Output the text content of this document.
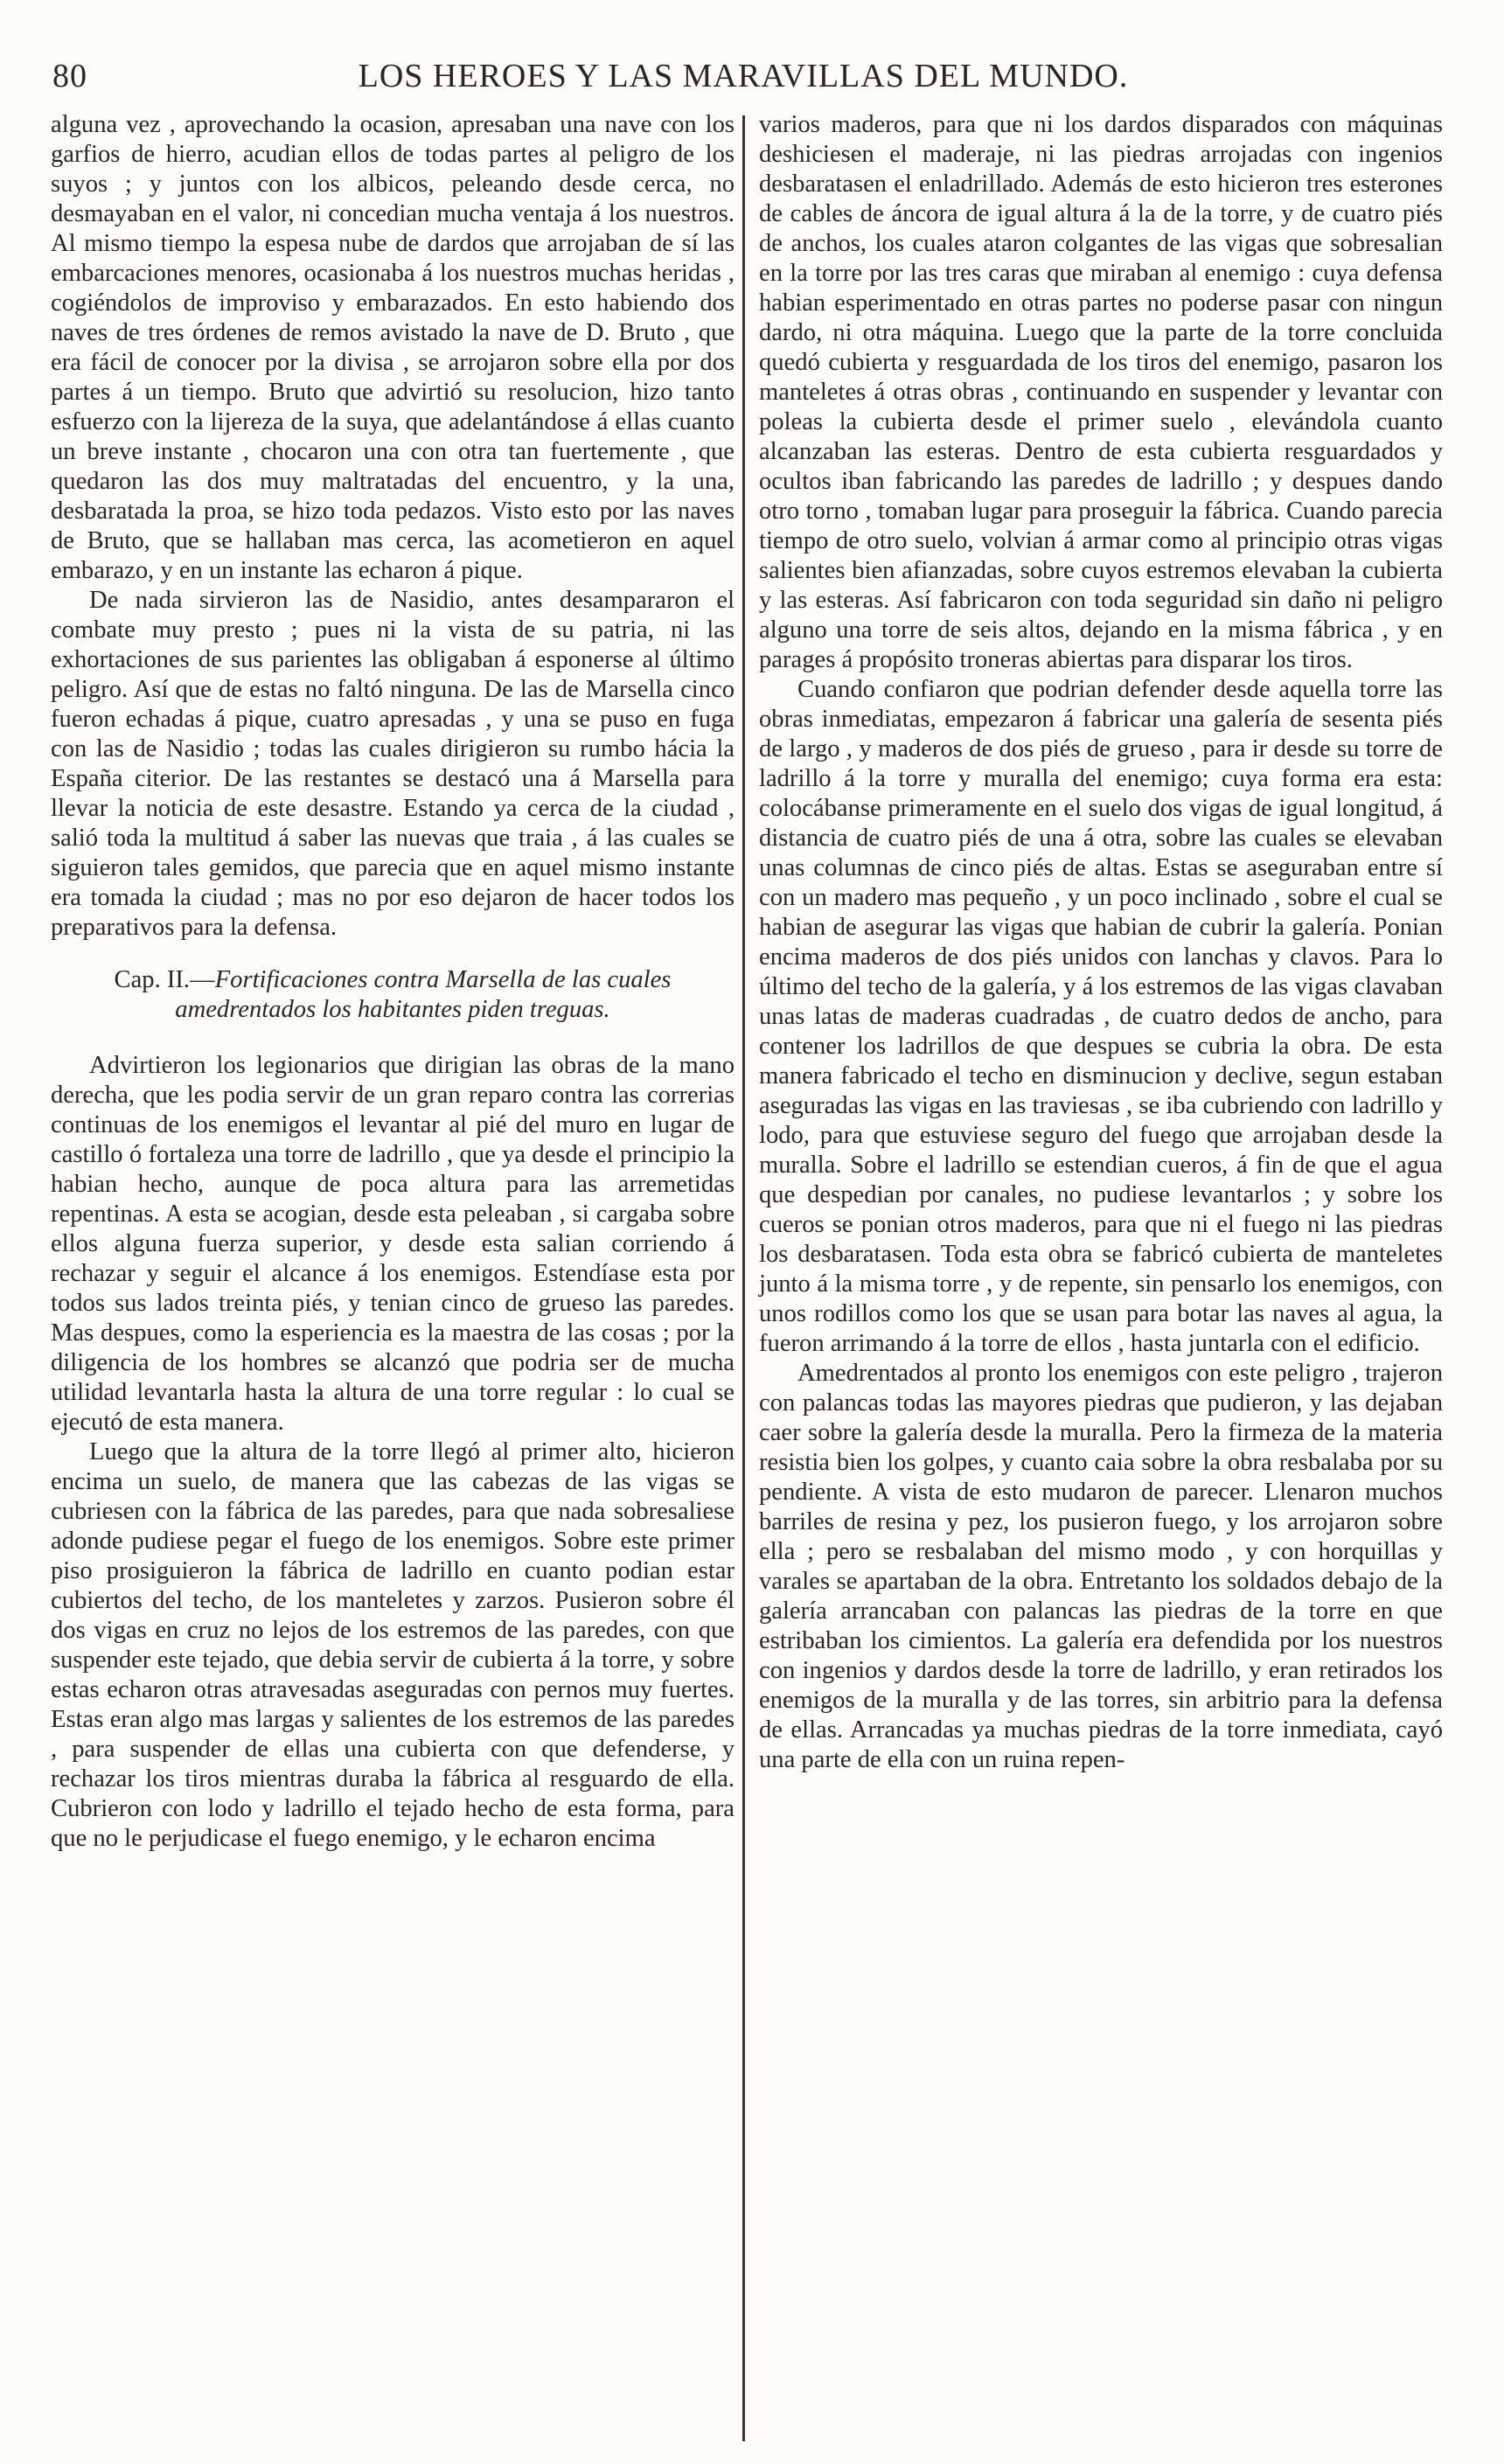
80	LOS HEROES Y LAS MARAVILLAS DEL MUNDO.

alguna vez , aprovechando la ocasion, apresaban una nave con los garfios de hierro, acudian ellos de todas partes al peligro de los suyos ; y juntos con los albicos, peleando desde cerca, no desmayaban en el valor, ni concedian mucha ventaja á los nuestros. Al mismo tiempo la espesa nube de dardos que arrojaban de sí las embarcaciones menores, ocasionaba á los nuestros muchas heridas , cogiéndolos de improviso y embarazados. En esto habiendo dos naves de tres órdenes de remos avistado la nave de D. Bruto , que era fácil de conocer por la divisa , se arrojaron sobre ella por dos partes á un tiempo. Bruto que advirtió su resolucion, hizo tanto esfuerzo con la lijereza de la suya, que adelantándose á ellas cuanto un breve instante , chocaron una con otra tan fuertemente , que quedaron las dos muy maltratadas del encuentro, y la una, desbaratada la proa, se hizo toda pedazos. Visto esto por las naves de Bruto, que se hallaban mas cerca, las acometieron en aquel embarazo, y en un instante las echaron á pique.

De nada sirvieron las de Nasidio, antes desampararon el combate muy presto ; pues ni la vista de su patria, ni las exhortaciones de sus parientes las obligaban á esponerse al último peligro. Así que de estas no faltó ninguna. De las de Marsella cinco fueron echadas á pique, cuatro apresadas , y una se puso en fuga con las de Nasidio ; todas las cuales dirigieron su rumbo hácia la España citerior. De las restantes se destacó una á Marsella para llevar la noticia de este desastre. Estando ya cerca de la ciudad , salió toda la multitud á saber las nuevas que traia , á las cuales se siguieron tales gemidos, que parecia que en aquel mismo instante era tomada la ciudad ; mas no por eso dejaron de hacer todos los preparativos para la defensa.

Cap. II.—Fortificaciones contra Marsella de las cuales amedrentados los habitantes piden treguas.

Advirtieron los legionarios que dirigian las obras de la mano derecha, que les podia servir de un gran reparo contra las correrias continuas de los enemigos el levantar al pié del muro en lugar de castillo ó fortaleza una torre de ladrillo , que ya desde el principio la habian hecho, aunque de poca altura para las arremetidas repentinas. A esta se acogian, desde esta peleaban , si cargaba sobre ellos alguna fuerza superior, y desde esta salian corriendo á rechazar y seguir el alcance á los enemigos. Estendíase esta por todos sus lados treinta piés, y tenian cinco de grueso las paredes. Mas despues, como la esperiencia es la maestra de las cosas ; por la diligencia de los hombres se alcanzó que podria ser de mucha utilidad levantarla hasta la altura de una torre regular : lo cual se ejecutó de esta manera.

Luego que la altura de la torre llegó al primer alto, hicieron encima un suelo, de manera que las cabezas de las vigas se cubriesen con la fábrica de las paredes, para que nada sobresaliese adonde pudiese pegar el fuego de los enemigos. Sobre este primer piso prosiguieron la fábrica de ladrillo en cuanto podian estar cubiertos del techo, de los manteletes y zarzos. Pusieron sobre él dos vigas en cruz no lejos de los estremos de las paredes, con que suspender este tejado, que debia servir de cubierta á la torre, y sobre estas echaron otras atravesadas aseguradas con pernos muy fuertes. Estas eran algo mas largas y salientes de los estremos de las paredes , para suspender de ellas una cubierta con que defenderse, y rechazar los tiros mientras duraba la fábrica al resguardo de ella. Cubrieron con lodo y ladrillo el tejado hecho de esta forma, para que no le perjudicase el fuego enemigo, y le echaron encima

varios maderos, para que ni los dardos disparados con máquinas deshiciesen el maderaje, ni las piedras arrojadas con ingenios desbaratasen el enladrillado. Además de esto hicieron tres esterones de cables de áncora de igual altura á la de la torre, y de cuatro piés de anchos, los cuales ataron colgantes de las vigas que sobresalian en la torre por las tres caras que miraban al enemigo : cuya defensa habian esperimentado en otras partes no poderse pasar con ningun dardo, ni otra máquina. Luego que la parte de la torre concluida quedó cubierta y resguardada de los tiros del enemigo, pasaron los manteletes á otras obras , continuando en suspender y levantar con poleas la cubierta desde el primer suelo , elevándola cuanto alcanzaban las esteras. Dentro de esta cubierta resguardados y ocultos iban fabricando las paredes de ladrillo ; y despues dando otro torno , tomaban lugar para proseguir la fábrica. Cuando parecia tiempo de otro suelo, volvian á armar como al principio otras vigas salientes bien afianzadas, sobre cuyos estremos elevaban la cubierta y las esteras. Así fabricaron con toda seguridad sin daño ni peligro alguno una torre de seis altos, dejando en la misma fábrica , y en parages á propósito troneras abiertas para disparar los tiros.

Cuando confiaron que podrian defender desde aquella torre las obras inmediatas, empezaron á fabricar una galería de sesenta piés de largo , y maderos de dos piés de grueso , para ir desde su torre de ladrillo á la torre y muralla del enemigo; cuya forma era esta: colocábanse primeramente en el suelo dos vigas de igual longitud, á distancia de cuatro piés de una á otra, sobre las cuales se elevaban unas columnas de cinco piés de altas. Estas se aseguraban entre sí con un madero mas pequeño , y un poco inclinado , sobre el cual se habian de asegurar las vigas que habian de cubrir la galería. Ponian encima maderos de dos piés unidos con lanchas y clavos. Para lo último del techo de la galería, y á los estremos de las vigas clavaban unas latas de maderas cuadradas , de cuatro dedos de ancho, para contener los ladrillos de que despues se cubria la obra. De esta manera fabricado el techo en disminucion y declive, segun estaban aseguradas las vigas en las traviesas , se iba cubriendo con ladrillo y lodo, para que estuviese seguro del fuego que arrojaban desde la muralla. Sobre el ladrillo se estendian cueros, á fin de que el agua que despedian por canales, no pudiese levantarlos ; y sobre los cueros se ponian otros maderos, para que ni el fuego ni las piedras los desbaratasen. Toda esta obra se fabricó cubierta de manteletes junto á la misma torre , y de repente, sin pensarlo los enemigos, con unos rodillos como los que se usan para botar las naves al agua, la fueron arrimando á la torre de ellos , hasta juntarla con el edificio.

Amedrentados al pronto los enemigos con este peligro , trajeron con palancas todas las mayores piedras que pudieron, y las dejaban caer sobre la galería desde la muralla. Pero la firmeza de la materia resistia bien los golpes, y cuanto caia sobre la obra resbalaba por su pendiente. A vista de esto mudaron de parecer. Llenaron muchos barriles de resina y pez, los pusieron fuego, y los arrojaron sobre ella ; pero se resbalaban del mismo modo , y con horquillas y varales se apartaban de la obra. Entretanto los soldados debajo de la galería arrancaban con palancas las piedras de la torre en que estribaban los cimientos. La galería era defendida por los nuestros con ingenios y dardos desde la torre de ladrillo, y eran retirados los enemigos de la muralla y de las torres, sin arbitrio para la defensa de ellas. Arrancadas ya muchas piedras de la torre inmediata, cayó una parte de ella con un ruina repen-
